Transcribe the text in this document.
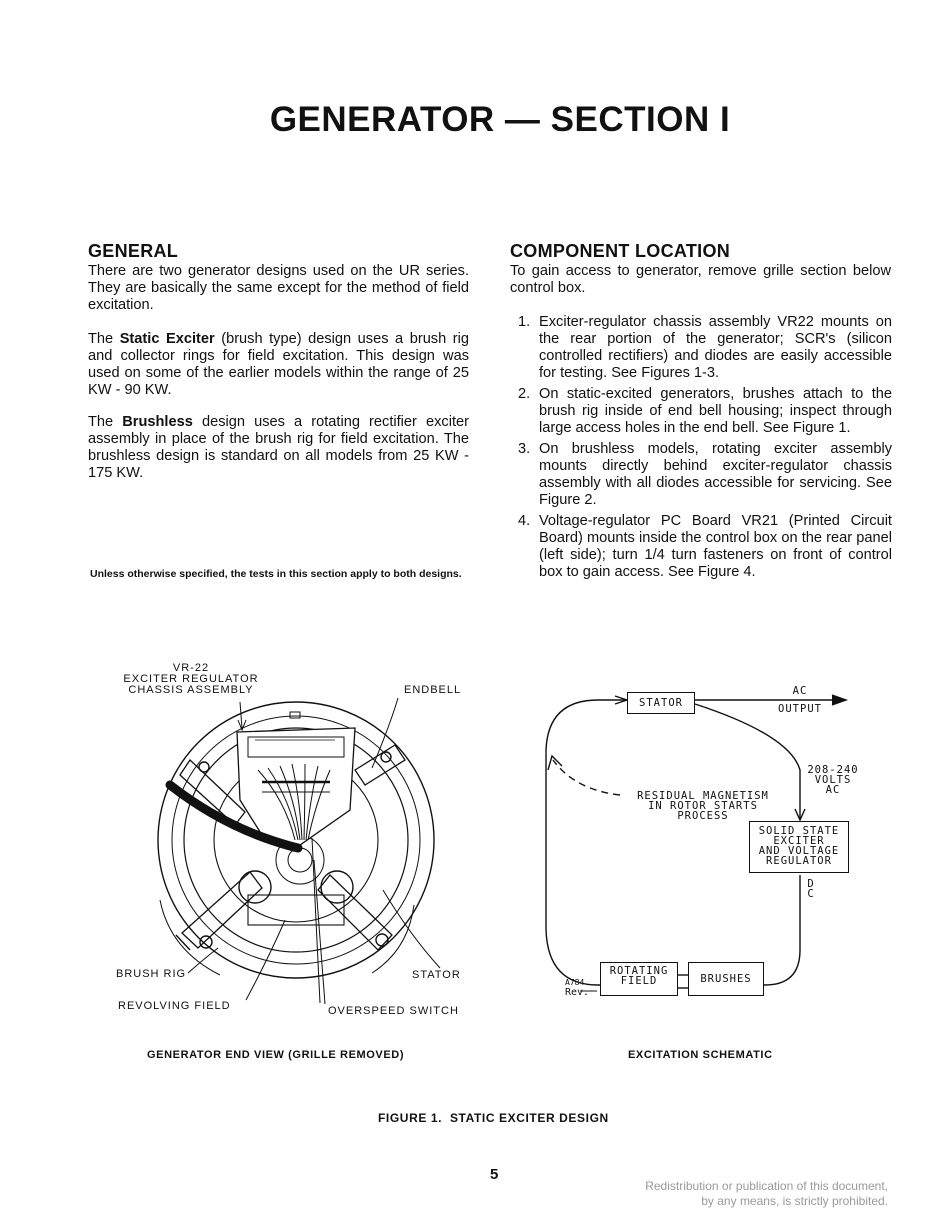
GENERATOR — SECTION I
GENERAL
There are two generator designs used on the UR series. They are basically the same except for the method of field excitation.
The Static Exciter (brush type) design uses a brush rig and collector rings for field excitation. This design was used on some of the earlier models within the range of 25 KW - 90 KW.
The Brushless design uses a rotating rectifier exciter assembly in place of the brush rig for field excitation. The brushless design is standard on all models from 25 KW - 175 KW.
Unless otherwise specified, the tests in this section apply to both designs.
COMPONENT LOCATION
To gain access to generator, remove grille section below control box.
1. Exciter-regulator chassis assembly VR22 mounts on the rear portion of the generator; SCR's (silicon controlled rectifiers) and diodes are easily accessible for testing. See Figures 1-3.
2. On static-excited generators, brushes attach to the brush rig inside of end bell housing; inspect through large access holes in the end bell. See Figure 1.
3. On brushless models, rotating exciter assembly mounts directly behind exciter-regulator chassis assembly with all diodes accessible for servicing. See Figure 2.
4. Voltage-regulator PC Board VR21 (Printed Circuit Board) mounts inside the control box on the rear panel (left side); turn 1/4 turn fasteners on front of control box to gain access. See Figure 4.
VR-22
EXCITER REGULATOR
CHASSIS ASSEMBLY	ENDBELL
BRUSH RIG	STATOR
REVOLVING FIELD	OVERSPEED SWITCH
GENERATOR END VIEW (GRILLE REMOVED)
STATOR
AC
OUTPUT
208-240
VOLTS
AC
RESIDUAL MAGNETISM
IN ROTOR STARTS
PROCESS
SOLID STATE
EXCITER
AND VOLTAGE
REGULATOR
D
C
ROTATING
FIELD	BRUSHES
A784
Rev.
EXCITATION SCHEMATIC
FIGURE 1.  STATIC EXCITER DESIGN
5
Redistribution or publication of this document,
by any means, is strictly prohibited.
